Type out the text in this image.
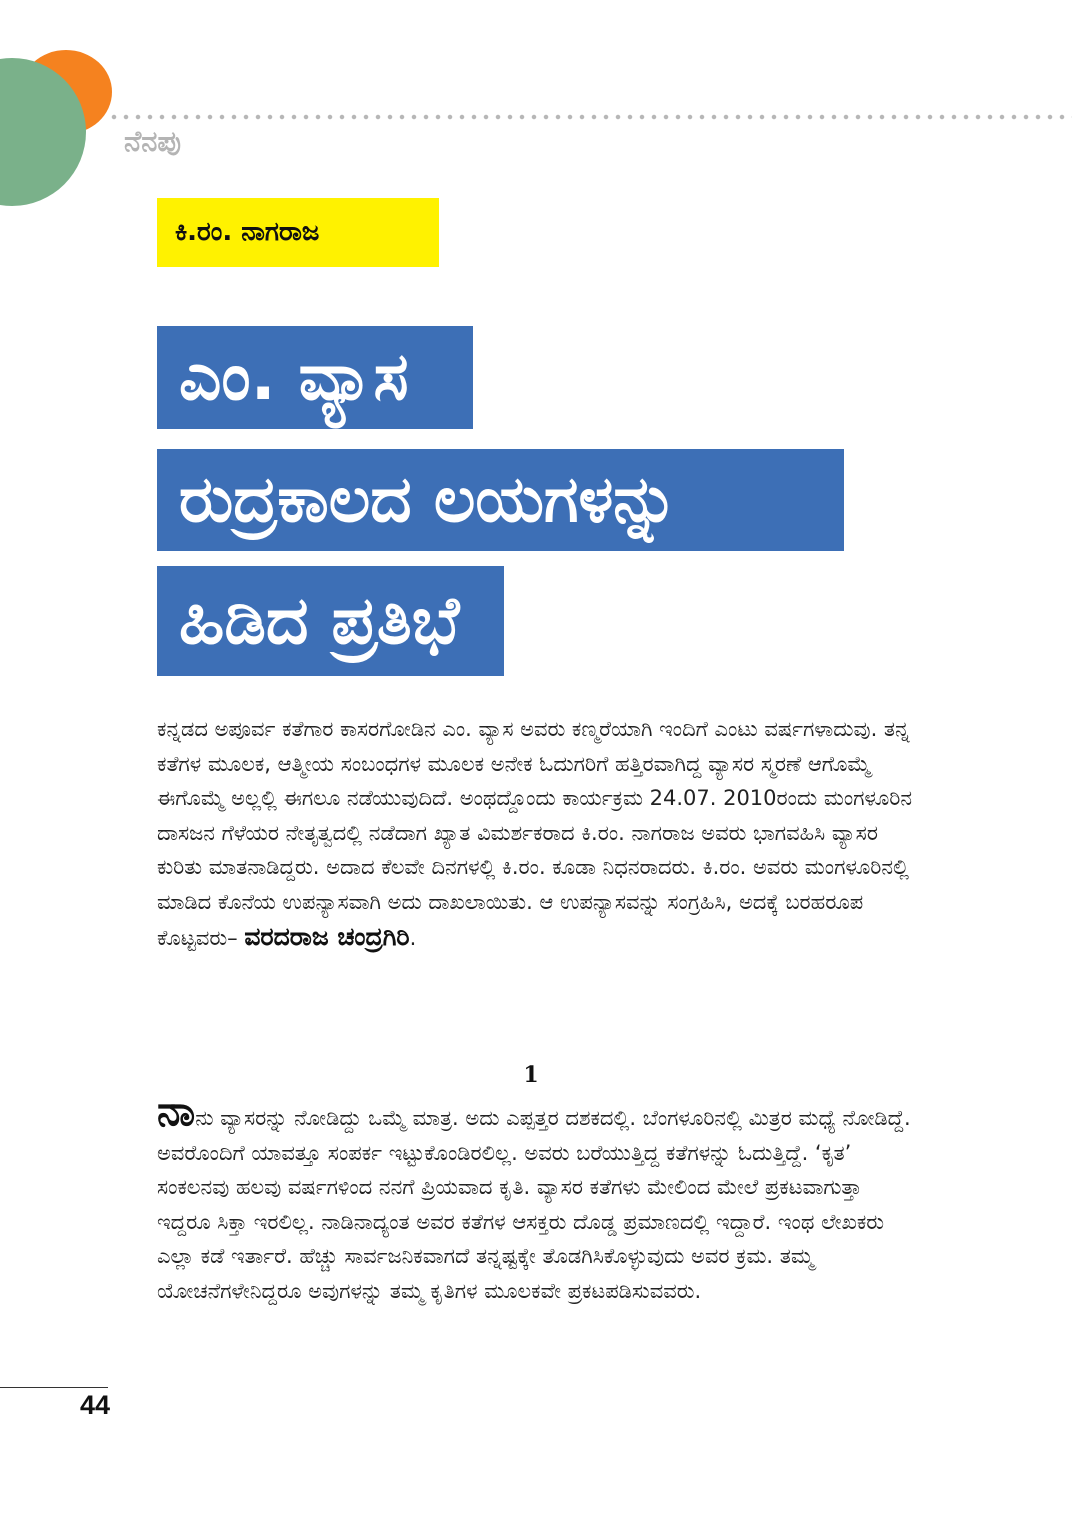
ನೆನಪು
ಕಿ.ರಂ. ನಾಗರಾಜ
ಎಂ. ವ್ಯಾಸ
ರುದ್ರಕಾಲದ ಲಯಗಳನ್ನು
ಹಿಡಿದ ಪ್ರತಿಭೆ
ಕನ್ನಡದ ಅಪೂರ್ವ ಕತೆಗಾರ ಕಾಸರಗೋಡಿನ ಎಂ. ವ್ಯಾಸ ಅವರು ಕಣ್ಮರೆಯಾಗಿ ಇಂದಿಗೆ ಎಂಟು ವರ್ಷಗಳಾದುವು. ತನ್ನ ಕತೆಗಳ ಮೂಲಕ, ಆತ್ಮೀಯ ಸಂಬಂಧಗಳ ಮೂಲಕ ಅನೇಕ ಓದುಗರಿಗೆ ಹತ್ತಿರವಾಗಿದ್ದ ವ್ಯಾಸರ ಸ್ಮರಣೆ ಆಗೊಮ್ಮೆ ಈಗೊಮ್ಮೆ ಅಲ್ಲಲ್ಲಿ ಈಗಲೂ ನಡೆಯುವುದಿದೆ. ಅಂಥದ್ದೊಂದು ಕಾರ್ಯಕ್ರಮ 24.07. 2010ರಂದು ಮಂಗಳೂರಿನ ದಾಸಜನ ಗೆಳೆಯರ ನೇತೃತ್ವದಲ್ಲಿ ನಡೆದಾಗ ಖ್ಯಾತ ವಿಮರ್ಶಕರಾದ ಕಿ.ರಂ. ನಾಗರಾಜ ಅವರು ಭಾಗವಹಿಸಿ ವ್ಯಾಸರ ಕುರಿತು ಮಾತನಾಡಿದ್ದರು. ಅದಾದ ಕೆಲವೇ ದಿನಗಳಲ್ಲಿ ಕಿ.ರಂ. ಕೂಡಾ ನಿಧನರಾದರು. ಕಿ.ರಂ. ಅವರು ಮಂಗಳೂರಿನಲ್ಲಿ ಮಾಡಿದ ಕೊನೆಯ ಉಪನ್ಯಾಸವಾಗಿ ಅದು ದಾಖಲಾಯಿತು. ಆ ಉಪನ್ಯಾಸವನ್ನು ಸಂಗ್ರಹಿಸಿ, ಅದಕ್ಕೆ ಬರಹರೂಪ ಕೊಟ್ಟವರು– ವರದರಾಜ ಚಂದ್ರಗಿರಿ.
1
ನಾನು ವ್ಯಾಸರನ್ನು ನೋಡಿದ್ದು ಒಮ್ಮೆ ಮಾತ್ರ. ಅದು ಎಪ್ಪತ್ತರ ದಶಕದಲ್ಲಿ. ಬೆಂಗಳೂರಿನಲ್ಲಿ ಮಿತ್ರರ ಮಧ್ಯೆ ನೋಡಿದ್ದೆ. ಅವರೊಂದಿಗೆ ಯಾವತ್ತೂ ಸಂಪರ್ಕ ಇಟ್ಟುಕೊಂಡಿರಲಿಲ್ಲ. ಅವರು ಬರೆಯುತ್ತಿದ್ದ ಕತೆಗಳನ್ನು ಓದುತ್ತಿದ್ದೆ. ‘ಕೃತ’ ಸಂಕಲನವು ಹಲವು ವರ್ಷಗಳಿಂದ ನನಗೆ ಪ್ರಿಯವಾದ ಕೃತಿ. ವ್ಯಾಸರ ಕತೆಗಳು ಮೇಲಿಂದ ಮೇಲೆ ಪ್ರಕಟವಾಗುತ್ತಾ ಇದ್ದರೂ ಸಿಕ್ತಾ ಇರಲಿಲ್ಲ. ನಾಡಿನಾದ್ಯಂತ ಅವರ ಕತೆಗಳ ಆಸಕ್ತರು ದೊಡ್ಡ ಪ್ರಮಾಣದಲ್ಲಿ ಇದ್ದಾರೆ. ಇಂಥ ಲೇಖಕರು ಎಲ್ಲಾ ಕಡೆ ಇರ್ತಾರೆ. ಹೆಚ್ಚು ಸಾರ್ವಜನಿಕವಾಗದೆ ತನ್ನಷ್ಟಕ್ಕೇ ತೊಡಗಿಸಿಕೊಳ್ಳುವುದು ಅವರ ಕ್ರಮ. ತಮ್ಮ ಯೋಚನೆಗಳೇನಿದ್ದರೂ ಅವುಗಳನ್ನು ತಮ್ಮ ಕೃತಿಗಳ ಮೂಲಕವೇ ಪ್ರಕಟಪಡಿಸುವವರು.
44
